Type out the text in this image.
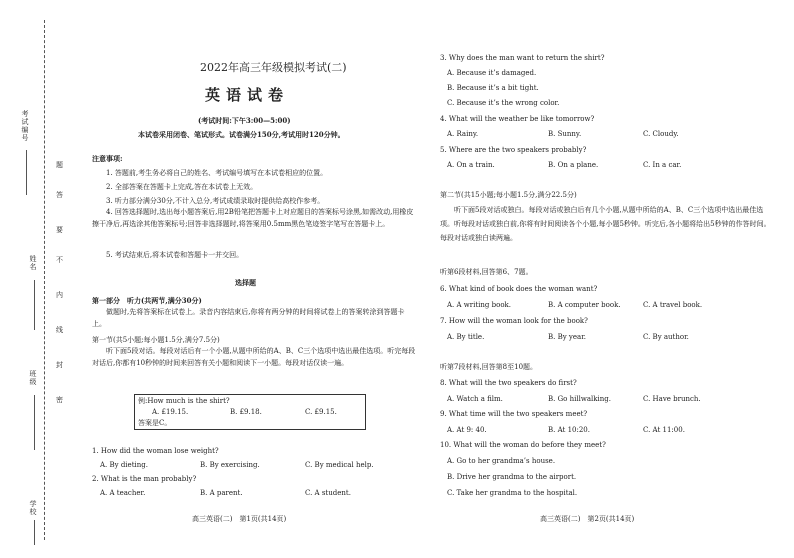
考试编号
姓名
班级
学校
题
答
要
不
内
线
封
密
2022年高三年级模拟考试(二)
英语试卷
(考试时间:下午3:00—5:00)
本试卷采用闭卷、笔试形式。试卷满分150分,考试用时120分钟。
注意事项:
1. 答题前,考生务必将自己的姓名、考试编号填写在本试卷相应的位置。
2. 全部答案在答题卡上完成,答在本试卷上无效。
3. 听力部分满分30分,不计入总分,考试成绩录取时提供给高校作参考。
4. 回答选择题时,选出每小题答案后,用2B铅笔把答题卡上对应题目的答案标号涂黑,如需改动,用橡皮擦干净后,再选涂其他答案标号;回答非选择题时,将答案用0.5mm黑色笔迹签字笔写在答题卡上。
5. 考试结束后,将本试卷和答题卡一并交回。
选择题
第一部分　听力(共两节,满分30分)
做题时,先将答案标在试卷上。录音内容结束后,你将有两分钟的时间将试卷上的答案转涂到答题卡上。
第一节(共5小题;每小题1.5分,满分7.5分)
听下面5段对话。每段对话后有一个小题,从题中所给的A、B、C三个选项中选出最佳选项。听完每段对话后,你都有10秒钟的时间来回答有关小题和阅读下一小题。每段对话仅读一遍。
例:How much is the shirt?
A. £19.15.	B. £9.18.	C. £9.15.
答案是C。
1. How did the woman lose weight?
A. By dieting.	B. By exercising.	C. By medical help.
2. What is the man probably?
A. A teacher.	B. A parent.	C. A student.
高三英语(二)　第1页(共14页)
3. Why does the man want to return the shirt?
A. Because it’s damaged.
B. Because it’s a bit tight.
C. Because it’s the wrong color.
4. What will the weather be like tomorrow?
A. Rainy.	B. Sunny.	C. Cloudy.
5. Where are the two speakers probably?
A. On a train.	B. On a plane.	C. In a car.
第二节(共15小题;每小题1.5分,满分22.5分)
听下面5段对话或独白。每段对话或独白后有几个小题,从题中所给的A、B、C三个选项中选出最佳选项。听每段对话或独白前,你将有时间阅读各个小题,每小题5秒钟。听完后,各小题将给出5秒钟的作答时间。每段对话或独白读两遍。
听第6段材料,回答第6、7题。
6. What kind of book does the woman want?
A. A writing book.	B. A computer book.	C. A travel book.
7. How will the woman look for the book?
A. By title.	B. By year.	C. By author.
听第7段材料,回答第8至10题。
8. What will the two speakers do first?
A. Watch a film.	B. Go hillwalking.	C. Have brunch.
9. What time will the two speakers meet?
A. At 9: 40.	B. At 10:20.	C. At 11:00.
10. What will the woman do before they meet?
A. Go to her grandma’s house.
B. Drive her grandma to the airport.
C. Take her grandma to the hospital.
高三英语(二)　第2页(共14页)
